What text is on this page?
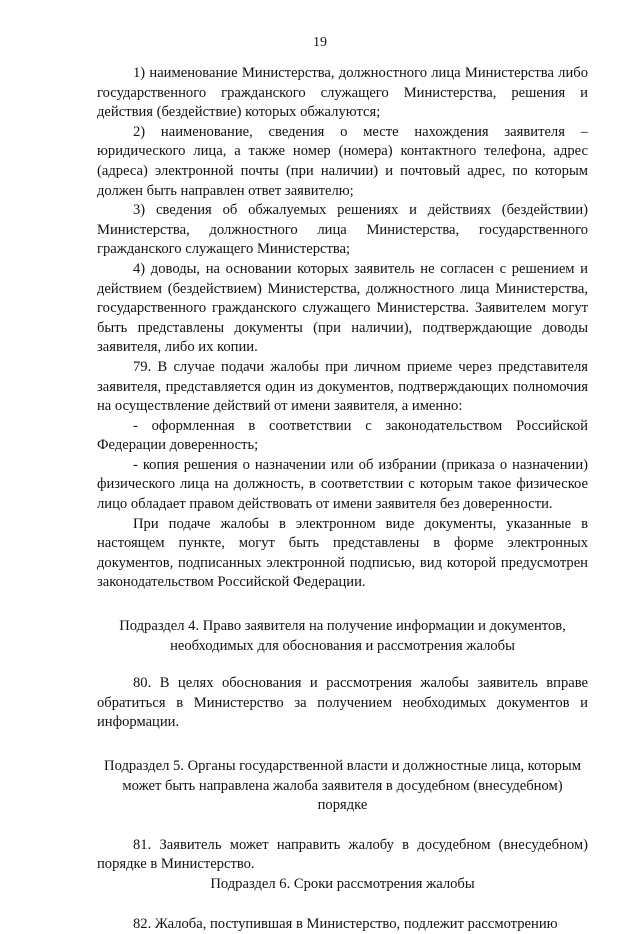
19

1) наименование Министерства, должностного лица Министерства либо государственного гражданского служащего Министерства, решения и действия (бездействие) которых обжалуются;

2) наименование, сведения о месте нахождения заявителя – юридического лица, а также номер (номера) контактного телефона, адрес (адреса) электронной почты (при наличии) и почтовый адрес, по которым должен быть направлен ответ заявителю;

3) сведения об обжалуемых решениях и действиях (бездействии) Министерства, должностного лица Министерства, государственного гражданского служащего Министерства;

4) доводы, на основании которых заявитель не согласен с решением и действием (бездействием) Министерства, должностного лица Министерства, государственного гражданского служащего Министерства. Заявителем могут быть представлены документы (при наличии), подтверждающие доводы заявителя, либо их копии.

79. В случае подачи жалобы при личном приеме через представителя заявителя, представляется один из документов, подтверждающих полномочия на осуществление действий от имени заявителя, а именно:

- оформленная в соответствии с законодательством Российской Федерации доверенность;

- копия решения о назначении или об избрании (приказа о назначении) физического лица на должность, в соответствии с которым такое физическое лицо обладает правом действовать от имени заявителя без доверенности.

При подаче жалобы в электронном виде документы, указанные в настоящем пункте, могут быть представлены в форме электронных документов, подписанных электронной подписью, вид которой предусмотрен законодательством Российской Федерации.

Подраздел 4. Право заявителя на получение информации и документов, необходимых для обоснования и рассмотрения жалобы

80. В целях обоснования и рассмотрения жалобы заявитель вправе обратиться в Министерство за получением необходимых документов и информации.

Подраздел 5. Органы государственной власти и должностные лица, которым может быть направлена жалоба заявителя в досудебном (внесудебном) порядке

81. Заявитель может направить жалобу в досудебном (внесудебном) порядке в Министерство.

Подраздел 6. Сроки рассмотрения жалобы

82. Жалоба, поступившая в Министерство, подлежит рассмотрению
